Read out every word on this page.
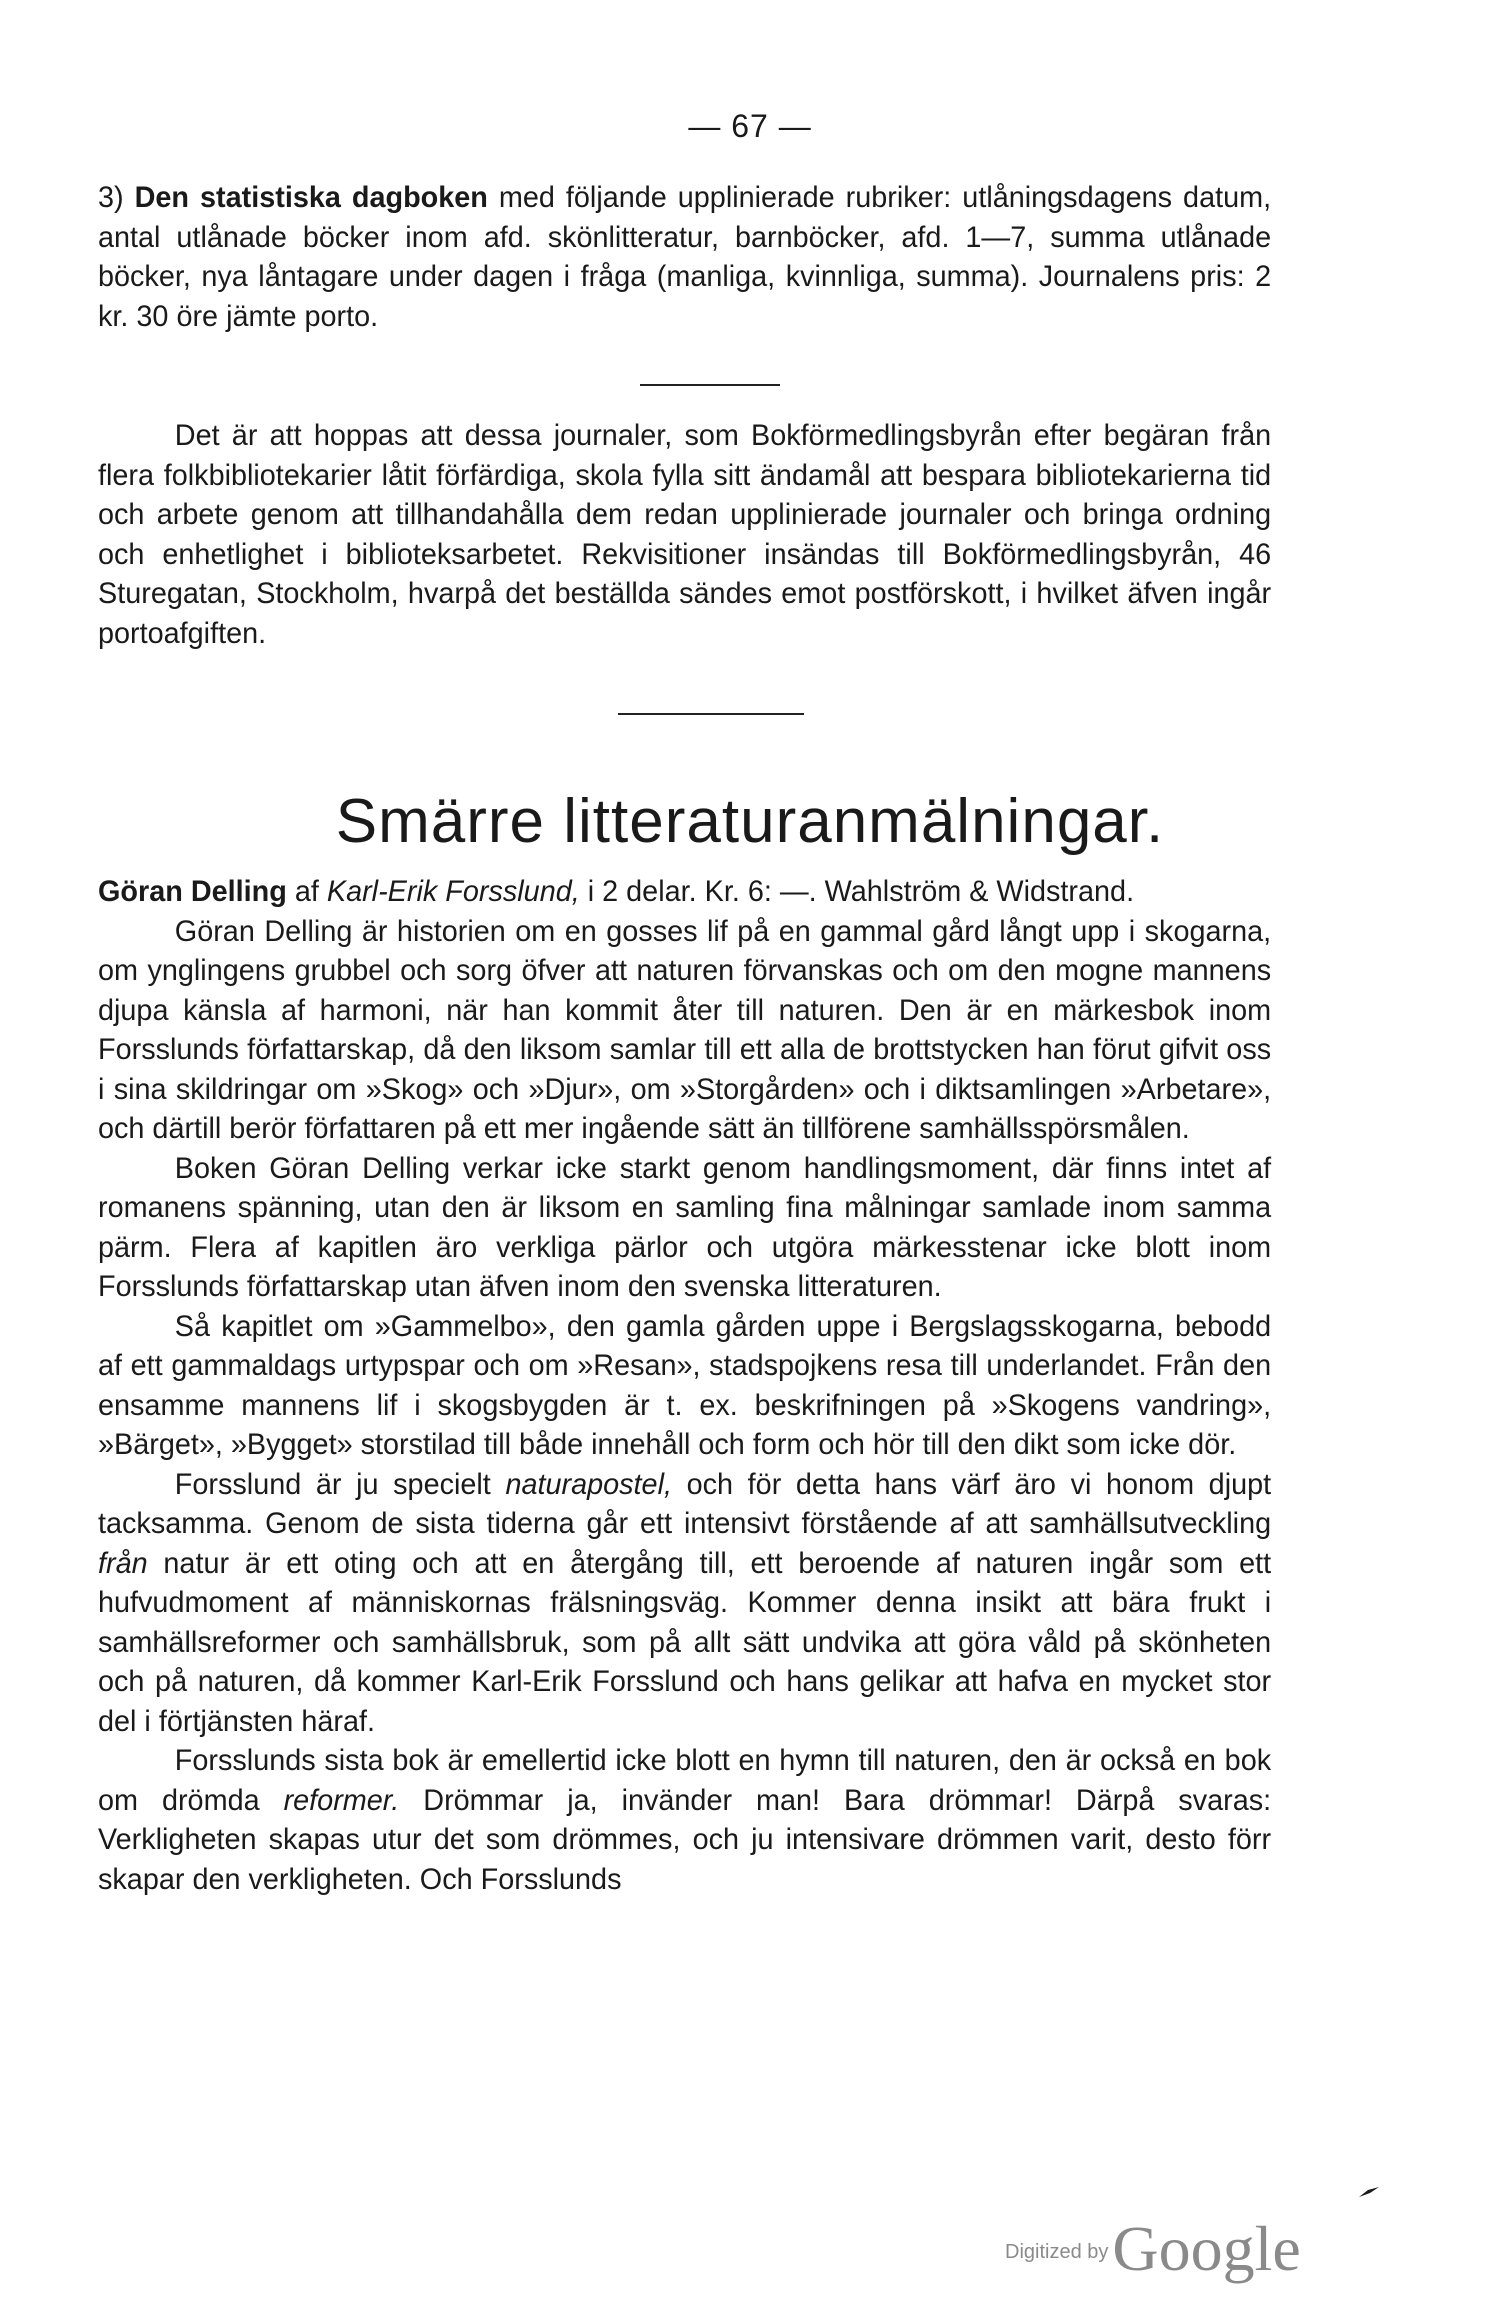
— 67 —

3) Den statistiska dagboken med följande upplinierade rubriker: utlåningsdagens datum, antal utlånade böcker inom afd. skönlitteratur, barnböcker, afd. 1—7, summa utlånade böcker, nya låntagare under dagen i fråga (manliga, kvinnliga, summa). Journalens pris: 2 kr. 30 öre jämte porto.

Det är att hoppas att dessa journaler, som Bokförmedlingsbyrån efter begäran från flera folkbibliotekarier låtit förfärdiga, skola fylla sitt ändamål att bespara bibliotekarierna tid och arbete genom att tillhandahålla dem redan upplinierade journaler och bringa ordning och enhetlighet i biblioteksarbetet. Rekvisitioner insändas till Bokförmedlingsbyrån, 46 Sturegatan, Stockholm, hvarpå det beställda sändes emot postförskott, i hvilket äfven ingår portoafgiften.

Smärre litteraturanmälningar.

Göran Delling af Karl-Erik Forsslund, i 2 delar. Kr. 6: —. Wahlström & Widstrand.

Göran Delling är historien om en gosses lif på en gammal gård långt upp i skogarna, om ynglingens grubbel och sorg öfver att naturen förvanskas och om den mogne mannens djupa känsla af harmoni, när han kommit åter till naturen. Den är en märkesbok inom Forsslunds författarskap, då den liksom samlar till ett alla de brottstycken han förut gifvit oss i sina skildringar om »Skog» och »Djur», om »Storgården» och i diktsamlingen »Arbetare», och därtill berör författaren på ett mer ingående sätt än tillförene samhällsspörsmålen.

Boken Göran Delling verkar icke starkt genom handlingsmoment, där finns intet af romanens spänning, utan den är liksom en samling fina målningar samlade inom samma pärm. Flera af kapitlen äro verkliga pärlor och utgöra märkesstenar icke blott inom Forsslunds författarskap utan äfven inom den svenska litteraturen.

Så kapitlet om »Gammelbo», den gamla gården uppe i Bergslagsskogarna, bebodd af ett gammaldags urtypspar och om »Resan», stadspojkens resa till underlandet. Från den ensamme mannens lif i skogsbygden är t. ex. beskrifningen på »Skogens vandring», »Bärget», »Bygget» storstilad till både innehåll och form och hör till den dikt som icke dör.

Forsslund är ju specielt naturapostel, och för detta hans värf äro vi honom djupt tacksamma. Genom de sista tiderna går ett intensivt förstående af att samhällsutveckling från natur är ett oting och att en återgång till, ett beroende af naturen ingår som ett hufvudmoment af människornas frälsningsväg. Kommer denna insikt att bära frukt i samhällsreformer och samhällsbruk, som på allt sätt undvika att göra våld på skönheten och på naturen, då kommer Karl-Erik Forsslund och hans gelikar att hafva en mycket stor del i förtjänsten häraf.

Forsslunds sista bok är emellertid icke blott en hymn till naturen, den är också en bok om drömda reformer. Drömmar ja, invänder man! Bara drömmar! Därpå svaras: Verkligheten skapas utur det som drömmes, och ju intensivare drömmen varit, desto förr skapar den verkligheten. Och Forsslunds

Digitized byGoogle
